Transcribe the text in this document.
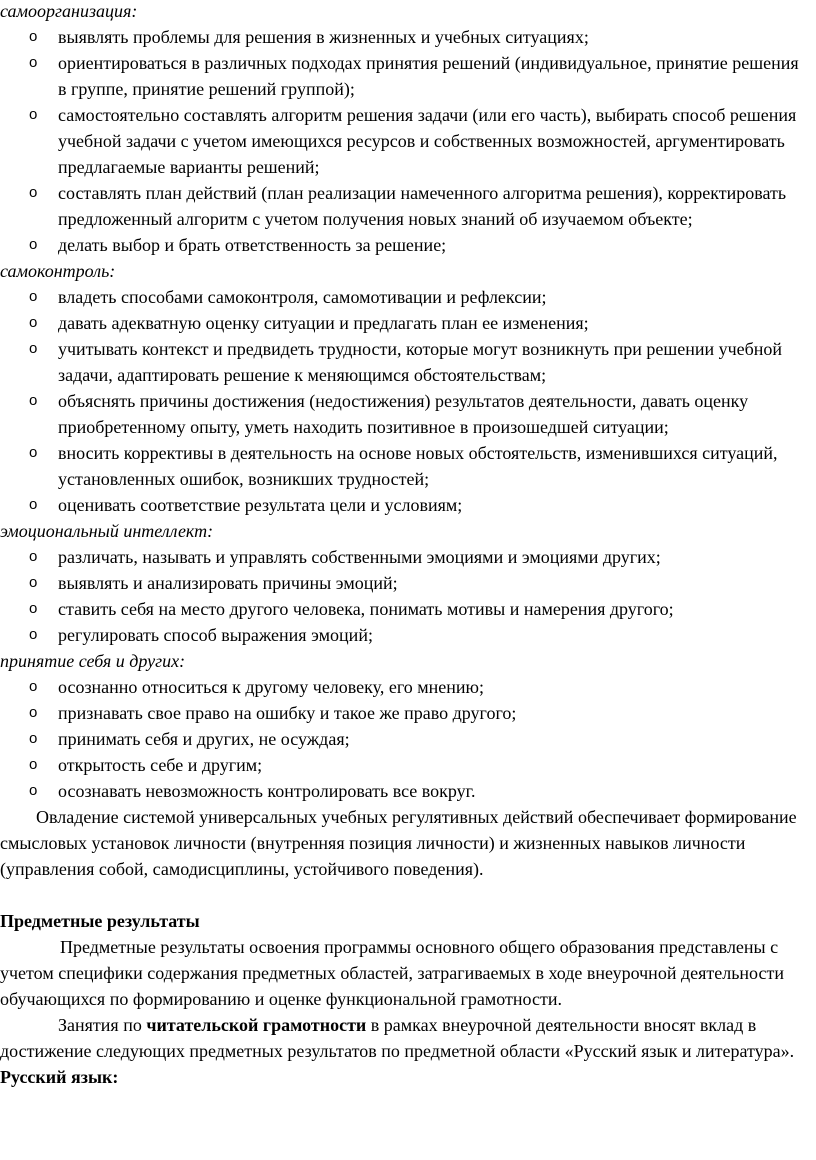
самоорганизация:

o выявлять проблемы для решения в жизненных и учебных ситуациях;
o ориентироваться в различных подходах принятия решений (индивидуальное, принятие решения в группе, принятие решений группой);
o самостоятельно составлять алгоритм решения задачи (или его часть), выбирать способ решения учебной задачи с учетом имеющихся ресурсов и собственных возможностей, аргументировать предлагаемые варианты решений;
o составлять план действий (план реализации намеченного алгоритма решения), корректировать предложенный алгоритм с учетом получения новых знаний об изучаемом объекте;
o делать выбор и брать ответственность за решение;

самоконтроль:

o владеть способами самоконтроля, самомотивации и рефлексии;
o давать адекватную оценку ситуации и предлагать план ее изменения;
o учитывать контекст и предвидеть трудности, которые могут возникнуть при решении учебной задачи, адаптировать решение к меняющимся обстоятельствам;
o объяснять причины достижения (недостижения) результатов деятельности, давать оценку приобретенному опыту, уметь находить позитивное в произошедшей ситуации;
o вносить коррективы в деятельность на основе новых обстоятельств, изменившихся ситуаций, установленных ошибок, возникших трудностей;
o оценивать соответствие результата цели и условиям;

эмоциональный интеллект:

o различать, называть и управлять собственными эмоциями и эмоциями других;
o выявлять и анализировать причины эмоций;
o ставить себя на место другого человека, понимать мотивы и намерения другого;
o регулировать способ выражения эмоций;

принятие себя и других:

o осознанно относиться к другому человеку, его мнению;
o признавать свое право на ошибку и такое же право другого;
o принимать себя и других, не осуждая;
o открытость себе и другим;
o осознавать невозможность контролировать все вокруг.

Овладение системой универсальных учебных регулятивных действий обеспечивает формирование смысловых установок личности (внутренняя позиция личности) и жизненных навыков личности (управления собой, самодисциплины, устойчивого поведения).

Предметные результаты

Предметные результаты освоения программы основного общего образования представлены с учетом специфики содержания предметных областей, затрагиваемых в ходе внеурочной деятельности обучающихся по формированию и оценке функциональной грамотности.

Занятия по читательской грамотности в рамках внеурочной деятельности вносят вклад в достижение следующих предметных результатов по предметной области «Русский язык и литература».

Русский язык:
